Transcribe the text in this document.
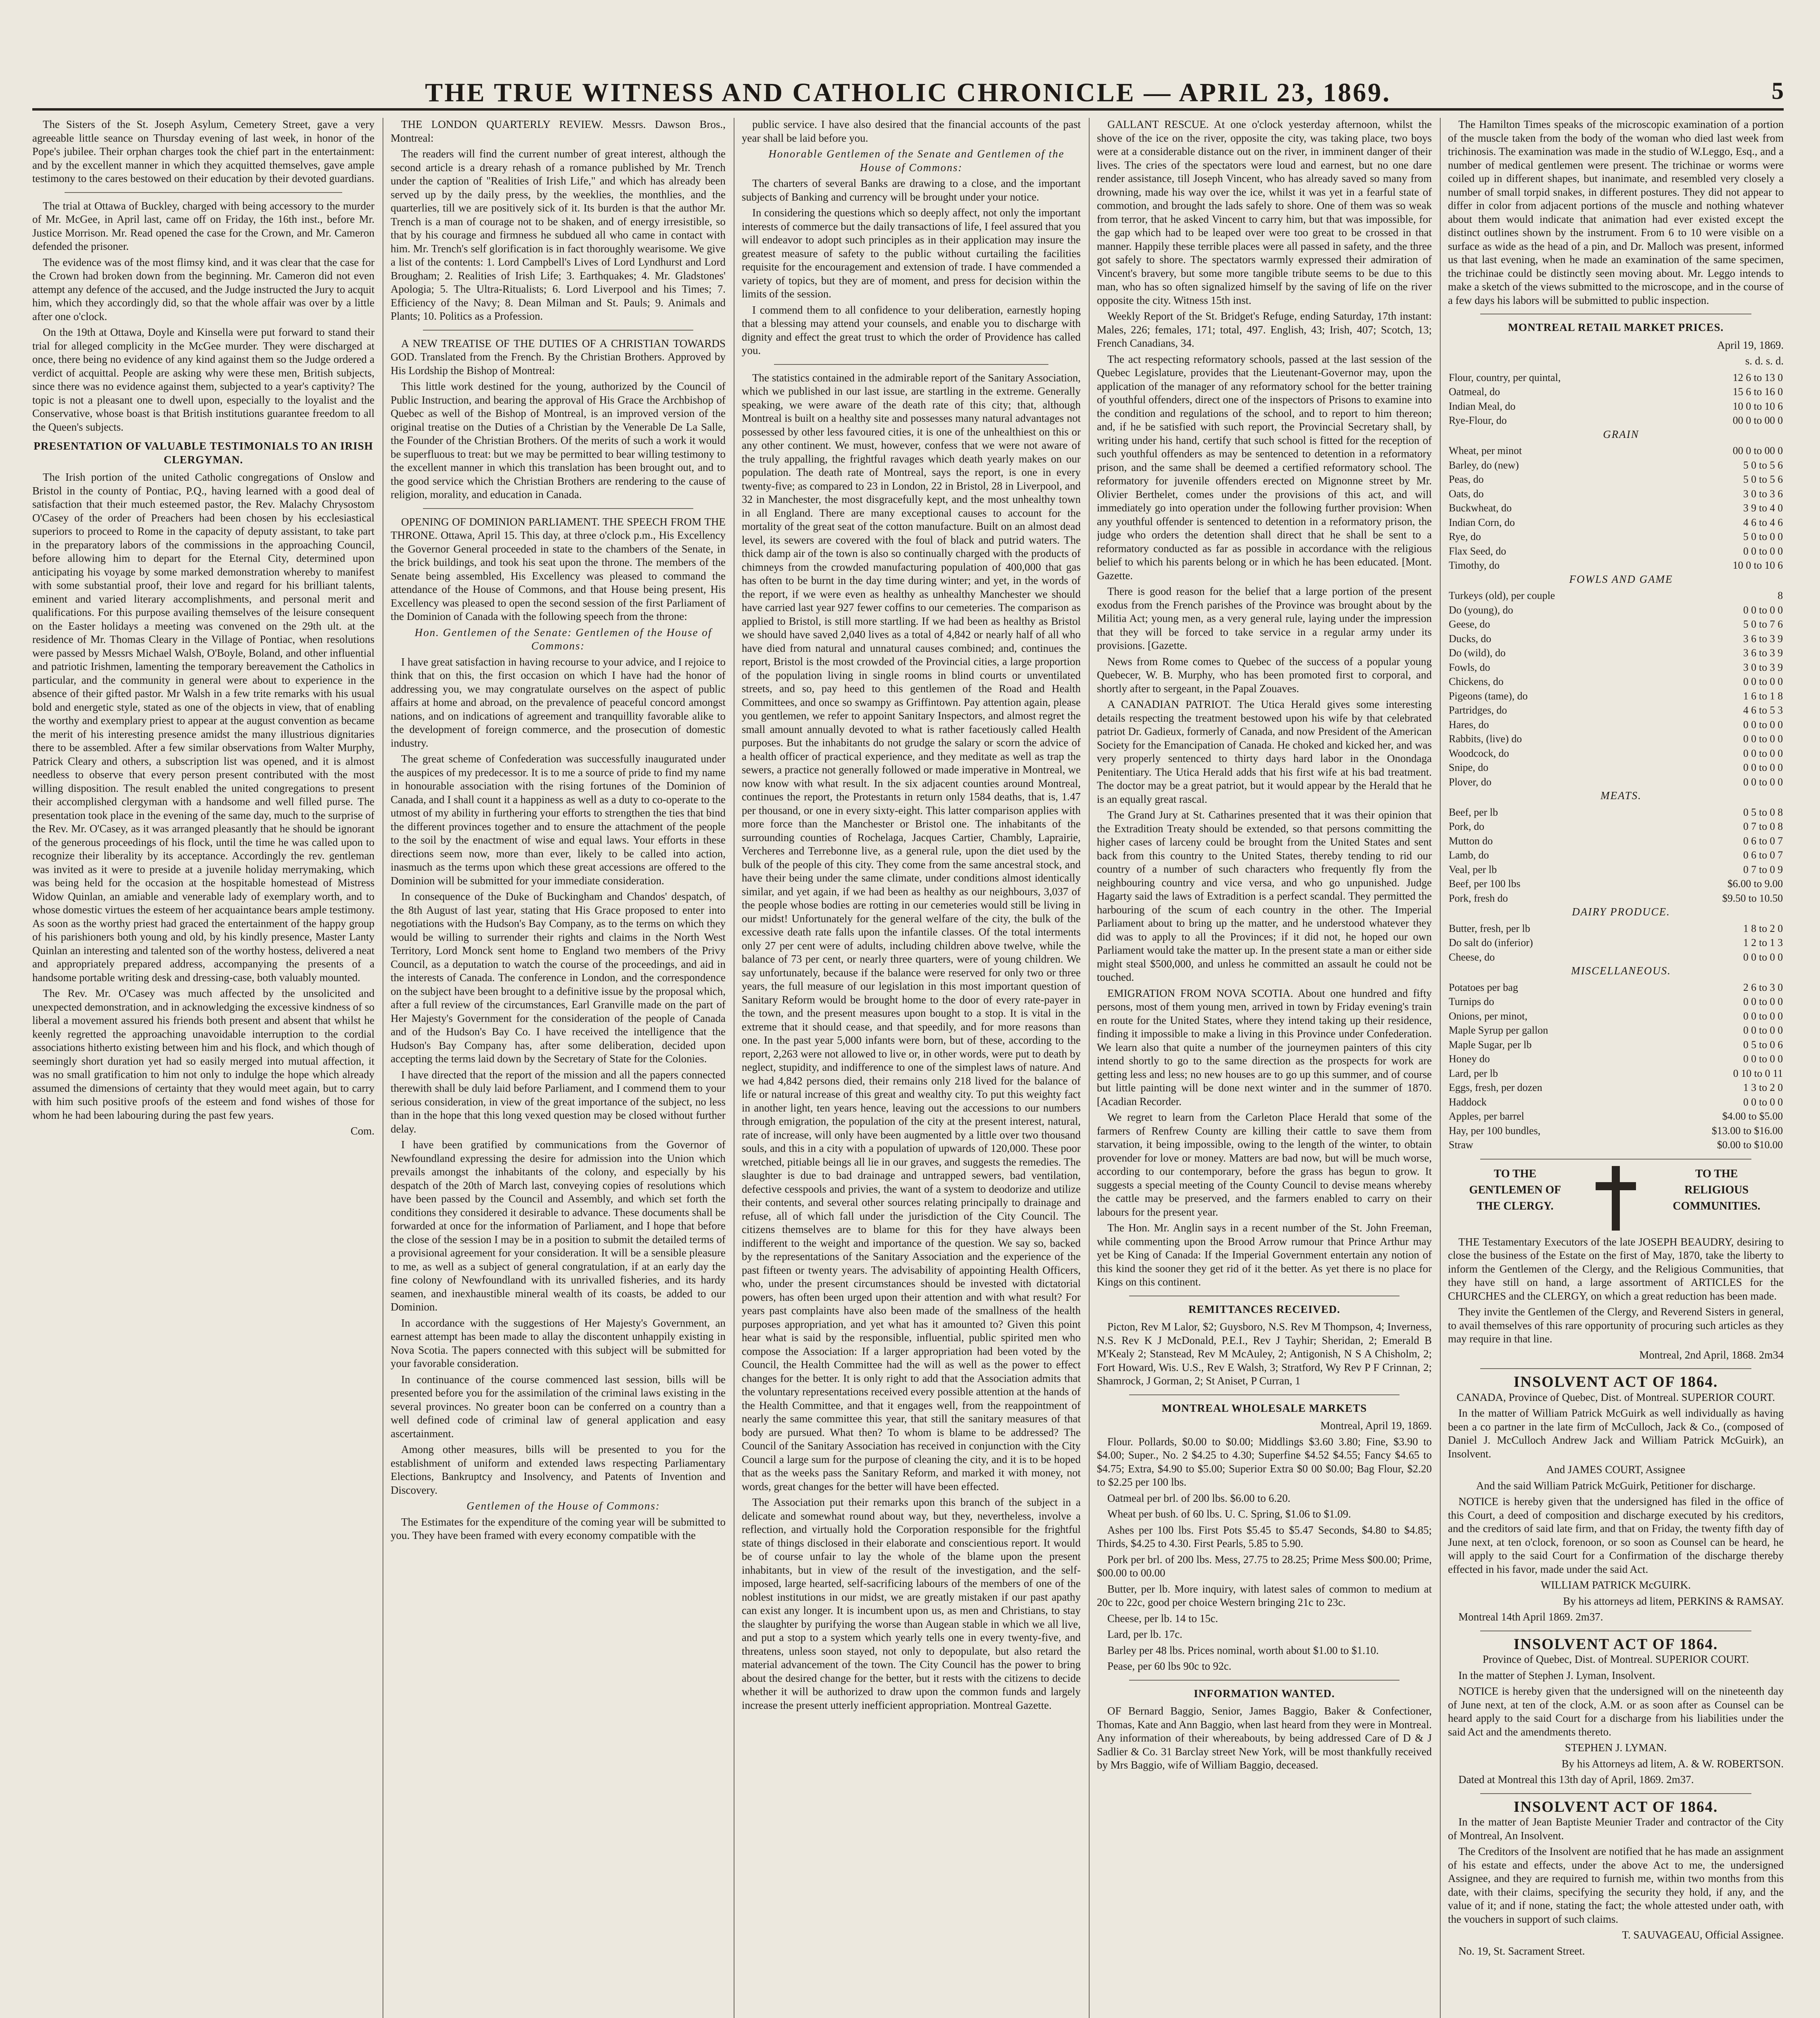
THE TRUE WITNESS AND CATHOLIC CHRONICLE — APRIL 23, 1869.	5

The Sisters of the St. Joseph Asylum, Cemetery Street, gave a very agreeable little seance on Thursday evening of last week, in honor of the Pope's jubilee. Their orphan charges took the chief part in the entertainment: and by the excellent manner in which they acquitted themselves, gave ample testimony to the cares bestowed on their education by their devoted guardians.

The trial at Ottawa of Buckley, charged with being accessory to the murder of Mr. McGee, in April last, came off on Friday, the 16th inst., before Mr. Justice Morrison. Mr. Read opened the case for the Crown, and Mr. Cameron defended the prisoner.

The evidence was of the most flimsy kind, and it was clear that the case for the Crown had broken down from the beginning. Mr. Cameron did not even attempt any defence of the accused, and the Judge instructed the Jury to acquit him, which they accordingly did, so that the whole affair was over by a little after one o'clock.

On the 19th at Ottawa, Doyle and Kinsella were put forward to stand their trial for alleged complicity in the McGee murder. They were discharged at once, there being no evidence of any kind against them so the Judge ordered a verdict of acquittal. People are asking why were these men, British subjects, since there was no evidence against them, subjected to a year's captivity? The topic is not a pleasant one to dwell upon, especially to the loyalist and the Conservative, whose boast is that British institutions guarantee freedom to all the Queen's subjects.

PRESENTATION OF VALUABLE TESTIMONIALS TO AN IRISH CLERGYMAN.

The Irish portion of the united Catholic congregations of Onslow and Bristol in the county of Pontiac, P.Q., having learned with a good deal of satisfaction that their much esteemed pastor, the Rev. Malachy Chrysostom O'Casey of the order of Preachers had been chosen by his ecclesiastical superiors to proceed to Rome in the capacity of deputy assistant, to take part in the preparatory labors of the commissions in the approaching Council, before allowing him to depart for the Eternal City, determined upon anticipating his voyage by some marked demonstration whereby to manifest with some substantial proof, their love and regard for his brilliant talents, eminent and varied literary accomplishments, and personal merit and qualifications. For this purpose availing themselves of the leisure consequent on the Easter holidays a meeting was convened on the 29th ult. at the residence of Mr. Thomas Cleary in the Village of Pontiac, when resolutions were passed by Messrs Michael Walsh, O'Boyle, Boland, and other influential and patriotic Irishmen, lamenting the temporary bereavement the Catholics in particular, and the community in general were about to experience in the absence of their gifted pastor. Mr Walsh in a few trite remarks with his usual bold and energetic style, stated as one of the objects in view, that of enabling the worthy and exemplary priest to appear at the august convention as became the merit of his interesting presence amidst the many illustrious dignitaries there to be assembled. After a few similar observations from Walter Murphy, Patrick Cleary and others, a subscription list was opened, and it is almost needless to observe that every person present contributed with the most willing disposition. The result enabled the united congregations to present their accomplished clergyman with a handsome and well filled purse. The presentation took place in the evening of the same day, much to the surprise of the Rev. Mr. O'Casey, as it was arranged pleasantly that he should be ignorant of the generous proceedings of his flock, until the time he was called upon to recognize their liberality by its acceptance. Accordingly the rev. gentleman was invited as it were to preside at a juvenile holiday merrymaking, which was being held for the occasion at the hospitable homestead of Mistress Widow Quinlan, an amiable and venerable lady of exemplary worth, and to whose domestic virtues the esteem of her acquaintance bears ample testimony. As soon as the worthy priest had graced the entertainment of the happy group of his parishioners both young and old, by his kindly presence, Master Lanty Quinlan an interesting and talented son of the worthy hostess, delivered a neat and appropriately prepared address, accompanying the presents of a handsome portable writing desk and dressing-case, both valuably mounted.

The Rev. Mr. O'Casey was much affected by the unsolicited and unexpected demonstration, and in acknowledging the excessive kindness of so liberal a movement assured his friends both present and absent that whilst he keenly regretted the approaching unavoidable interruption to the cordial associations hitherto existing between him and his flock, and which though of seemingly short duration yet had so easily merged into mutual affection, it was no small gratification to him not only to indulge the hope which already assumed the dimensions of certainty that they would meet again, but to carry with him such positive proofs of the esteem and fond wishes of those for whom he had been labouring during the past few years.

Com.

THE LONDON QUARTERLY REVIEW. Messrs. Dawson Bros., Montreal:

The readers will find the current number of great interest, although the second article is a dreary rehash of a romance published by Mr. Trench under the caption of "Realities of Irish Life," and which has already been served up by the daily press, by the weeklies, the monthlies, and the quarterlies, till we are positively sick of it. Its burden is that the author Mr. Trench is a man of courage not to be shaken, and of energy irresistible, so that by his courage and firmness he subdued all who came in contact with him. Mr. Trench's self glorification is in fact thoroughly wearisome. We give a list of the contents: 1. Lord Campbell's Lives of Lord Lyndhurst and Lord Brougham; 2. Realities of Irish Life; 3. Earthquakes; 4. Mr. Gladstones' Apologia; 5. The Ultra-Ritualists; 6. Lord Liverpool and his Times; 7. Efficiency of the Navy; 8. Dean Milman and St. Pauls; 9. Animals and Plants; 10. Politics as a Profession.

A NEW TREATISE OF THE DUTIES OF A CHRISTIAN TOWARDS GOD. Translated from the French. By the Christian Brothers. Approved by His Lordship the Bishop of Montreal:

This little work destined for the young, authorized by the Council of Public Instruction, and bearing the approval of His Grace the Archbishop of Quebec as well of the Bishop of Montreal, is an improved version of the original treatise on the Duties of a Christian by the Venerable De La Salle, the Founder of the Christian Brothers. Of the merits of such a work it would be superfluous to treat: but we may be permitted to bear willing testimony to the excellent manner in which this translation has been brought out, and to the good service which the Christian Brothers are rendering to the cause of religion, morality, and education in Canada.

OPENING OF DOMINION PARLIAMENT. THE SPEECH FROM THE THRONE. Ottawa, April 15. This day, at three o'clock p.m., His Excellency the Governor General proceeded in state to the chambers of the Senate, in the brick buildings, and took his seat upon the throne. The members of the Senate being assembled, His Excellency was pleased to command the attendance of the House of Commons, and that House being present, His Excellency was pleased to open the second session of the first Parliament of the Dominion of Canada with the following speech from the throne:

Hon. Gentlemen of the Senate: Gentlemen of the House of Commons:

I have great satisfaction in having recourse to your advice, and I rejoice to think that on this, the first occasion on which I have had the honor of addressing you, we may congratulate ourselves on the aspect of public affairs at home and abroad, on the prevalence of peaceful concord amongst nations, and on indications of agreement and tranquillity favorable alike to the development of foreign commerce, and the prosecution of domestic industry.

The great scheme of Confederation was successfully inaugurated under the auspices of my predecessor. It is to me a source of pride to find my name in honourable association with the rising fortunes of the Dominion of Canada, and I shall count it a happiness as well as a duty to co-operate to the utmost of my ability in furthering your efforts to strengthen the ties that bind the different provinces together and to ensure the attachment of the people to the soil by the enactment of wise and equal laws. Your efforts in these directions seem now, more than ever, likely to be called into action, inasmuch as the terms upon which these great accessions are offered to the Dominion will be submitted for your immediate consideration.

In consequence of the Duke of Buckingham and Chandos' despatch, of the 8th August of last year, stating that His Grace proposed to enter into negotiations with the Hudson's Bay Company, as to the terms on which they would be willing to surrender their rights and claims in the North West Territory, Lord Monck sent home to England two members of the Privy Council, as a deputation to watch the course of the proceedings, and aid in the interests of Canada. The conference in London, and the correspondence on the subject have been brought to a definitive issue by the proposal which, after a full review of the circumstances, Earl Granville made on the part of Her Majesty's Government for the consideration of the people of Canada and of the Hudson's Bay Co. I have received the intelligence that the Hudson's Bay Company has, after some deliberation, decided upon accepting the terms laid down by the Secretary of State for the Colonies.

I have directed that the report of the mission and all the papers connected therewith shall be duly laid before Parliament, and I commend them to your serious consideration, in view of the great importance of the subject, no less than in the hope that this long vexed question may be closed without further delay.

I have been gratified by communications from the Governor of Newfoundland expressing the desire for admission into the Union which prevails amongst the inhabitants of the colony, and especially by his despatch of the 20th of March last, conveying copies of resolutions which have been passed by the Council and Assembly, and which set forth the conditions they considered it desirable to advance. These documents shall be forwarded at once for the information of Parliament, and I hope that before the close of the session I may be in a position to submit the detailed terms of a provisional agreement for your consideration. It will be a sensible pleasure to me, as well as a subject of general congratulation, if at an early day the fine colony of Newfoundland with its unrivalled fisheries, and its hardy seamen, and inexhaustible mineral wealth of its coasts, be added to our Dominion.

In accordance with the suggestions of Her Majesty's Government, an earnest attempt has been made to allay the discontent unhappily existing in Nova Scotia. The papers connected with this subject will be submitted for your favorable consideration.

In continuance of the course commenced last session, bills will be presented before you for the assimilation of the criminal laws existing in the several provinces. No greater boon can be conferred on a country than a well defined code of criminal law of general application and easy ascertainment.

Among other measures, bills will be presented to you for the establishment of uniform and extended laws respecting Parliamentary Elections, Bankruptcy and Insolvency, and Patents of Invention and Discovery.

Gentlemen of the House of Commons:

The Estimates for the expenditure of the coming year will be submitted to you. They have been framed with every economy compatible with the

public service. I have also desired that the financial accounts of the past year shall be laid before you.

Honorable Gentlemen of the Senate and Gentlemen of the House of Commons:

The charters of several Banks are drawing to a close, and the important subjects of Banking and currency will be brought under your notice.

In considering the questions which so deeply affect, not only the important interests of commerce but the daily transactions of life, I feel assured that you will endeavor to adopt such principles as in their application may insure the greatest measure of safety to the public without curtailing the facilities requisite for the encouragement and extension of trade. I have commended a variety of topics, but they are of moment, and press for decision within the limits of the session.

I commend them to all confidence to your deliberation, earnestly hoping that a blessing may attend your counsels, and enable you to discharge with dignity and effect the great trust to which the order of Providence has called you.

The statistics contained in the admirable report of the Sanitary Association, which we published in our last issue, are startling in the extreme. Generally speaking, we were aware of the death rate of this city; that, although Montreal is built on a healthy site and possesses many natural advantages not possessed by other less favoured cities, it is one of the unhealthiest on this or any other continent. We must, however, confess that we were not aware of the truly appalling, the frightful ravages which death yearly makes on our population. The death rate of Montreal, says the report, is one in every twenty-five; as compared to 23 in London, 22 in Bristol, 28 in Liverpool, and 32 in Manchester, the most disgracefully kept, and the most unhealthy town in all England. There are many exceptional causes to account for the mortality of the great seat of the cotton manufacture. Built on an almost dead level, its sewers are covered with the foul of black and putrid waters. The thick damp air of the town is also so continually charged with the products of chimneys from the crowded manufacturing population of 400,000 that gas has often to be burnt in the day time during winter; and yet, in the words of the report, if we were even as healthy as unhealthy Manchester we should have carried last year 927 fewer coffins to our cemeteries. The comparison as applied to Bristol, is still more startling. If we had been as healthy as Bristol we should have saved 2,040 lives as a total of 4,842 or nearly half of all who have died from natural and unnatural causes combined; and, continues the report, Bristol is the most crowded of the Provincial cities, a large proportion of the population living in single rooms in blind courts or unventilated streets, and so, pay heed to this gentlemen of the Road and Health Committees, and once so swampy as Griffintown. Pay attention again, please you gentlemen, we refer to appoint Sanitary Inspectors, and almost regret the small amount annually devoted to what is rather facetiously called Health purposes. But the inhabitants do not grudge the salary or scorn the advice of a health officer of practical experience, and they meditate as well as trap the sewers, a practice not generally followed or made imperative in Montreal, we now know with what result. In the six adjacent counties around Montreal, continues the report, the Protestants in return only 1584 deaths, that is, 1.47 per thousand, or one in every sixty-eight. This latter comparison applies with more force than the Manchester or Bristol one. The inhabitants of the surrounding counties of Rochelaga, Jacques Cartier, Chambly, Laprairie, Vercheres and Terrebonne live, as a general rule, upon the diet used by the bulk of the people of this city. They come from the same ancestral stock, and have their being under the same climate, under conditions almost identically similar, and yet again, if we had been as healthy as our neighbours, 3,037 of the people whose bodies are rotting in our cemeteries would still be living in our midst! Unfortunately for the general welfare of the city, the bulk of the excessive death rate falls upon the infantile classes. Of the total interments only 27 per cent were of adults, including children above twelve, while the balance of 73 per cent, or nearly three quarters, were of young children. We say unfortunately, because if the balance were reserved for only two or three years, the full measure of our legislation in this most important question of Sanitary Reform would be brought home to the door of every rate-payer in the town, and the present measures upon bought to a stop. It is vital in the extreme that it should cease, and that speedily, and for more reasons than one. In the past year 5,000 infants were born, but of these, according to the report, 2,263 were not allowed to live or, in other words, were put to death by neglect, stupidity, and indifference to one of the simplest laws of nature. And we had 4,842 persons died, their remains only 218 lived for the balance of life or natural increase of this great and wealthy city. To put this weighty fact in another light, ten years hence, leaving out the accessions to our numbers through emigration, the population of the city at the present interest, natural, rate of increase, will only have been augmented by a little over two thousand souls, and this in a city with a population of upwards of 120,000. These poor wretched, pitiable beings all lie in our graves, and suggests the remedies. The slaughter is due to bad drainage and untrapped sewers, bad ventilation, defective cesspools and privies, the want of a system to deodorize and utilize their contents, and several other sources relating principally to drainage and refuse, all of which fall under the jurisdiction of the City Council. The citizens themselves are to blame for this for they have always been indifferent to the weight and importance of the question. We say so, backed by the representations of the Sanitary Association and the experience of the past fifteen or twenty years. The advisability of appointing Health Officers, who, under the present circumstances should be invested with dictatorial powers, has often been urged upon their attention and with what result? For years past complaints have also been made of the smallness of the health purposes appropriation, and yet what has it amounted to? Given this point hear what is said by the responsible, influential, public spirited men who compose the Association: If a larger appropriation had been voted by the Council, the Health Committee had the will as well as the power to effect changes for the better. It is only right to add that the Association admits that the voluntary representations received every possible attention at the hands of the Health Committee, and that it engages well, from the reappointment of nearly the same committee this year, that still the sanitary measures of that body are pursued. What then? To whom is blame to be addressed? The Council of the Sanitary Association has received in conjunction with the City Council a large sum for the purpose of cleaning the city, and it is to be hoped that as the weeks pass the Sanitary Reform, and marked it with money, not words, great changes for the better will have been effected.

The Association put their remarks upon this branch of the subject in a delicate and somewhat round about way, but they, nevertheless, involve a reflection, and virtually hold the Corporation responsible for the frightful state of things disclosed in their elaborate and conscientious report. It would be of course unfair to lay the whole of the blame upon the present inhabitants, but in view of the result of the investigation, and the self-imposed, large hearted, self-sacrificing labours of the members of one of the noblest institutions in our midst, we are greatly mistaken if our past apathy can exist any longer. It is incumbent upon us, as men and Christians, to stay the slaughter by purifying the worse than Augean stable in which we all live, and put a stop to a system which yearly tells one in every twenty-five, and threatens, unless soon stayed, not only to depopulate, but also retard the material advancement of the town. The City Council has the power to bring about the desired change for the better, but it rests with the citizens to decide whether it will be authorized to draw upon the common funds and largely increase the present utterly inefficient appropriation. Montreal Gazette.

GALLANT RESCUE. At one o'clock yesterday afternoon, whilst the shove of the ice on the river, opposite the city, was taking place, two boys were at a considerable distance out on the river, in imminent danger of their lives. The cries of the spectators were loud and earnest, but no one dare render assistance, till Joseph Vincent, who has already saved so many from drowning, made his way over the ice, whilst it was yet in a fearful state of commotion, and brought the lads safely to shore. One of them was so weak from terror, that he asked Vincent to carry him, but that was impossible, for the gap which had to be leaped over were too great to be crossed in that manner. Happily these terrible places were all passed in safety, and the three got safely to shore. The spectators warmly expressed their admiration of Vincent's bravery, but some more tangible tribute seems to be due to this man, who has so often signalized himself by the saving of life on the river opposite the city. Witness 15th inst.

Weekly Report of the St. Bridget's Refuge, ending Saturday, 17th instant: Males, 226; females, 171; total, 497. English, 43; Irish, 407; Scotch, 13; French Canadians, 34.

The act respecting reformatory schools, passed at the last session of the Quebec Legislature, provides that the Lieutenant-Governor may, upon the application of the manager of any reformatory school for the better training of youthful offenders, direct one of the inspectors of Prisons to examine into the condition and regulations of the school, and to report to him thereon; and, if he be satisfied with such report, the Provincial Secretary shall, by writing under his hand, certify that such school is fitted for the reception of such youthful offenders as may be sentenced to detention in a reformatory prison, and the same shall be deemed a certified reformatory school. The reformatory for juvenile offenders erected on Mignonne street by Mr. Olivier Berthelet, comes under the provisions of this act, and will immediately go into operation under the following further provision: When any youthful offender is sentenced to detention in a reformatory prison, the judge who orders the detention shall direct that he shall be sent to a reformatory conducted as far as possible in accordance with the religious belief to which his parents belong or in which he has been educated. [Mont. Gazette.

There is good reason for the belief that a large portion of the present exodus from the French parishes of the Province was brought about by the Militia Act; young men, as a very general rule, laying under the impression that they will be forced to take service in a regular army under its provisions. [Gazette.

News from Rome comes to Quebec of the success of a popular young Quebecer, W. B. Murphy, who has been promoted first to corporal, and shortly after to sergeant, in the Papal Zouaves.

A CANADIAN PATRIOT. The Utica Herald gives some interesting details respecting the treatment bestowed upon his wife by that celebrated patriot Dr. Gadieux, formerly of Canada, and now President of the American Society for the Emancipation of Canada. He choked and kicked her, and was very properly sentenced to thirty days hard labor in the Onondaga Penitentiary. The Utica Herald adds that his first wife at his bad treatment. The doctor may be a great patriot, but it would appear by the Herald that he is an equally great rascal.

The Grand Jury at St. Catharines presented that it was their opinion that the Extradition Treaty should be extended, so that persons committing the higher cases of larceny could be brought from the United States and sent back from this country to the United States, thereby tending to rid our country of a number of such characters who frequently fly from the neighbouring country and vice versa, and who go unpunished. Judge Hagarty said the laws of Extradition is a perfect scandal. They permitted the harbouring of the scum of each country in the other. The Imperial Parliament about to bring up the matter, and he understood whatever they did was to apply to all the Provinces; if it did not, he hoped our own Parliament would take the matter up. In the present state a man or either side might steal $500,000, and unless he committed an assault he could not be touched.

EMIGRATION FROM NOVA SCOTIA. About one hundred and fifty persons, most of them young men, arrived in town by Friday evening's train en route for the United States, where they intend taking up their residence, finding it impossible to make a living in this Province under Confederation. We learn also that quite a number of the journeymen painters of this city intend shortly to go to the same direction as the prospects for work are getting less and less; no new houses are to go up this summer, and of course but little painting will be done next winter and in the summer of 1870. [Acadian Recorder.

We regret to learn from the Carleton Place Herald that some of the farmers of Renfrew County are killing their cattle to save them from starvation, it being impossible, owing to the length of the winter, to obtain provender for love or money. Matters are bad now, but will be much worse, according to our contemporary, before the grass has begun to grow. It suggests a special meeting of the County Council to devise means whereby the cattle may be preserved, and the farmers enabled to carry on their labours for the present year.

The Hon. Mr. Anglin says in a recent number of the St. John Freeman, while commenting upon the Brood Arrow rumour that Prince Arthur may yet be King of Canada: If the Imperial Government entertain any notion of this kind the sooner they get rid of it the better. As yet there is no place for Kings on this continent.

REMITTANCES RECEIVED.

Picton, Rev M Lalor, $2; Guysboro, N.S. Rev M Thompson, 4; Inverness, N.S. Rev K J McDonald, P.E.I., Rev J Tayhir; Sheridan, 2; Emerald B M'Kealy 2; Stanstead, Rev M McAuley, 2; Antigonish, N S A Chisholm, 2; Fort Howard, Wis. U.S., Rev E Walsh, 3; Stratford, Wy Rev P F Crinnan, 2; Shamrock, J Gorman, 2; St Aniset, P Curran, 1

MONTREAL WHOLESALE MARKETS

Montreal, April 19, 1869.

Flour. Pollards, $0.00 to $0.00; Middlings $3.60 3.80; Fine, $3.90 to $4.00; Super., No. 2 $4.25 to 4.30; Superfine $4.52 $4.55; Fancy $4.65 to $4.75; Extra, $4.90 to $5.00; Superior Extra $0 00 $0.00; Bag Flour, $2.20 to $2.25 per 100 lbs.

Oatmeal per brl. of 200 lbs. $6.00 to 6.20.

Wheat per bush. of 60 lbs. U. C. Spring, $1.06 to $1.09.

Ashes per 100 lbs. First Pots $5.45 to $5.47 Seconds, $4.80 to $4.85; Thirds, $4.25 to 4.30. First Pearls, 5.85 to 5.90.

Pork per brl. of 200 lbs. Mess, 27.75 to 28.25; Prime Mess $00.00; Prime, $00.00 to 00.00

Butter, per lb. More inquiry, with latest sales of common to medium at 20c to 22c, good per choice Western bringing 21c to 23c.

Cheese, per lb. 14 to 15c.

Lard, per lb. 17c.

Barley per 48 lbs. Prices nominal, worth about $1.00 to $1.10.

Pease, per 60 lbs 90c to 92c.

INFORMATION WANTED.

OF Bernard Baggio, Senior, James Baggio, Baker & Confectioner, Thomas, Kate and Ann Baggio, when last heard from they were in Montreal. Any information of their whereabouts, by being addressed Care of D & J Sadlier & Co. 31 Barclay street New York, will be most thankfully received by Mrs Baggio, wife of William Baggio, deceased.

The Hamilton Times speaks of the microscopic examination of a portion of the muscle taken from the body of the woman who died last week from trichinosis. The examination was made in the studio of W.Leggo, Esq., and a number of medical gentlemen were present. The trichinae or worms were coiled up in different shapes, but inanimate, and resembled very closely a number of small torpid snakes, in different postures. They did not appear to differ in color from adjacent portions of the muscle and nothing whatever about them would indicate that animation had ever existed except the distinct outlines shown by the instrument. From 6 to 10 were visible on a surface as wide as the head of a pin, and Dr. Malloch was present, informed us that last evening, when he made an examination of the same specimen, the trichinae could be distinctly seen moving about. Mr. Leggo intends to make a sketch of the views submitted to the microscope, and in the course of a few days his labors will be submitted to public inspection.

MONTREAL RETAIL MARKET PRICES.

April 19, 1869.

s. d. s. d.

Flour, country, per quintal,	12 6 to 13 0
Oatmeal, do	15 6 to 16 0
Indian Meal, do	10 0 to 10 6
Rye-Flour, do	00 0 to 00 0

GRAIN

Wheat, per minot	00 0 to 00 0
Barley, do (new)	5 0 to 5 6
Peas, do	5 0 to 5 6
Oats, do	3 0 to 3 6
Buckwheat, do	3 9 to 4 0
Indian Corn, do	4 6 to 4 6
Rye, do	5 0 to 0 0
Flax Seed, do	0 0 to 0 0
Timothy, do	10 0 to 10 6

FOWLS AND GAME

Turkeys (old), per couple	8
Do (young), do	0 0 to 0 0
Geese, do	5 0 to 7 6
Ducks, do	3 6 to 3 9
Do (wild), do	3 6 to 3 9
Fowls, do	3 0 to 3 9
Chickens, do	0 0 to 0 0
Pigeons (tame), do	1 6 to 1 8
Partridges, do	4 6 to 5 3
Hares, do	0 0 to 0 0
Rabbits, (live) do	0 0 to 0 0
Woodcock, do	0 0 to 0 0
Snipe, do	0 0 to 0 0
Plover, do	0 0 to 0 0

MEATS.

Beef, per lb	0 5 to 0 8
Pork, do	0 7 to 0 8
Mutton do	0 6 to 0 7
Lamb, do	0 6 to 0 7
Veal, per lb	0 7 to 0 9
Beef, per 100 lbs	$6.00 to 9.00
Pork, fresh do	$9.50 to 10.50

DAIRY PRODUCE.

Butter, fresh, per lb	1 8 to 2 0
Do salt do (inferior)	1 2 to 1 3
Cheese, do	0 0 to 0 0

MISCELLANEOUS.

Potatoes per bag	2 6 to 3 0
Turnips do	0 0 to 0 0
Onions, per minot,	0 0 to 0 0
Maple Syrup per gallon	0 0 to 0 0
Maple Sugar, per lb	0 5 to 0 6
Honey do	0 0 to 0 0
Lard, per lb	0 10 to 0 11
Eggs, fresh, per dozen	1 3 to 2 0
Haddock	0 0 to 0 0
Apples, per barrel	$4.00 to $5.00
Hay, per 100 bundles,	$13.00 to $16.00
Straw	$0.00 to $10.00
TO THE
GENTLEMEN OF
THE CLERGY.
TO THE
RELIGIOUS
COMMUNITIES.

THE Testamentary Executors of the late JOSEPH BEAUDRY, desiring to close the business of the Estate on the first of May, 1870, take the liberty to inform the Gentlemen of the Clergy, and the Religious Communities, that they have still on hand, a large assortment of ARTICLES for the CHURCHES and the CLERGY, on which a great reduction has been made.

They invite the Gentlemen of the Clergy, and Reverend Sisters in general, to avail themselves of this rare opportunity of procuring such articles as they may require in that line.

Montreal, 2nd April, 1868. 2m34

INSOLVENT ACT OF 1864.

CANADA, Province of Quebec, Dist. of Montreal. SUPERIOR COURT.

In the matter of William Patrick McGuirk as well individually as having been a co partner in the late firm of McCulloch, Jack & Co., (composed of Daniel J. McCulloch Andrew Jack and William Patrick McGuirk), an Insolvent.

And JAMES COURT, Assignee

And the said William Patrick McGuirk, Petitioner for discharge.

NOTICE is hereby given that the undersigned has filed in the office of this Court, a deed of composition and discharge executed by his creditors, and the creditors of said late firm, and that on Friday, the twenty fifth day of June next, at ten o'clock, forenoon, or so soon as Counsel can be heard, he will apply to the said Court for a Confirmation of the discharge thereby effected in his favor, made under the said Act.

WILLIAM PATRICK McGUIRK.

By his attorneys ad litem, PERKINS & RAMSAY.

Montreal 14th April 1869. 2m37.

INSOLVENT ACT OF 1864.

Province of Quebec, Dist. of Montreal. SUPERIOR COURT.

In the matter of Stephen J. Lyman, Insolvent.

NOTICE is hereby given that the undersigned will on the nineteenth day of June next, at ten of the clock, A.M. or as soon after as Counsel can be heard apply to the said Court for a discharge from his liabilities under the said Act and the amendments thereto.

STEPHEN J. LYMAN.

By his Attorneys ad litem, A. & W. ROBERTSON.

Dated at Montreal this 13th day of April, 1869. 2m37.

INSOLVENT ACT OF 1864.

In the matter of Jean Baptiste Meunier Trader and contractor of the City of Montreal, An Insolvent.

The Creditors of the Insolvent are notified that he has made an assignment of his estate and effects, under the above Act to me, the undersigned Assignee, and they are required to furnish me, within two months from this date, with their claims, specifying the security they hold, if any, and the value of it; and if none, stating the fact; the whole attested under oath, with the vouchers in support of such claims.

T. SAUVAGEAU, Official Assignee.

No. 19, St. Sacrament Street.
